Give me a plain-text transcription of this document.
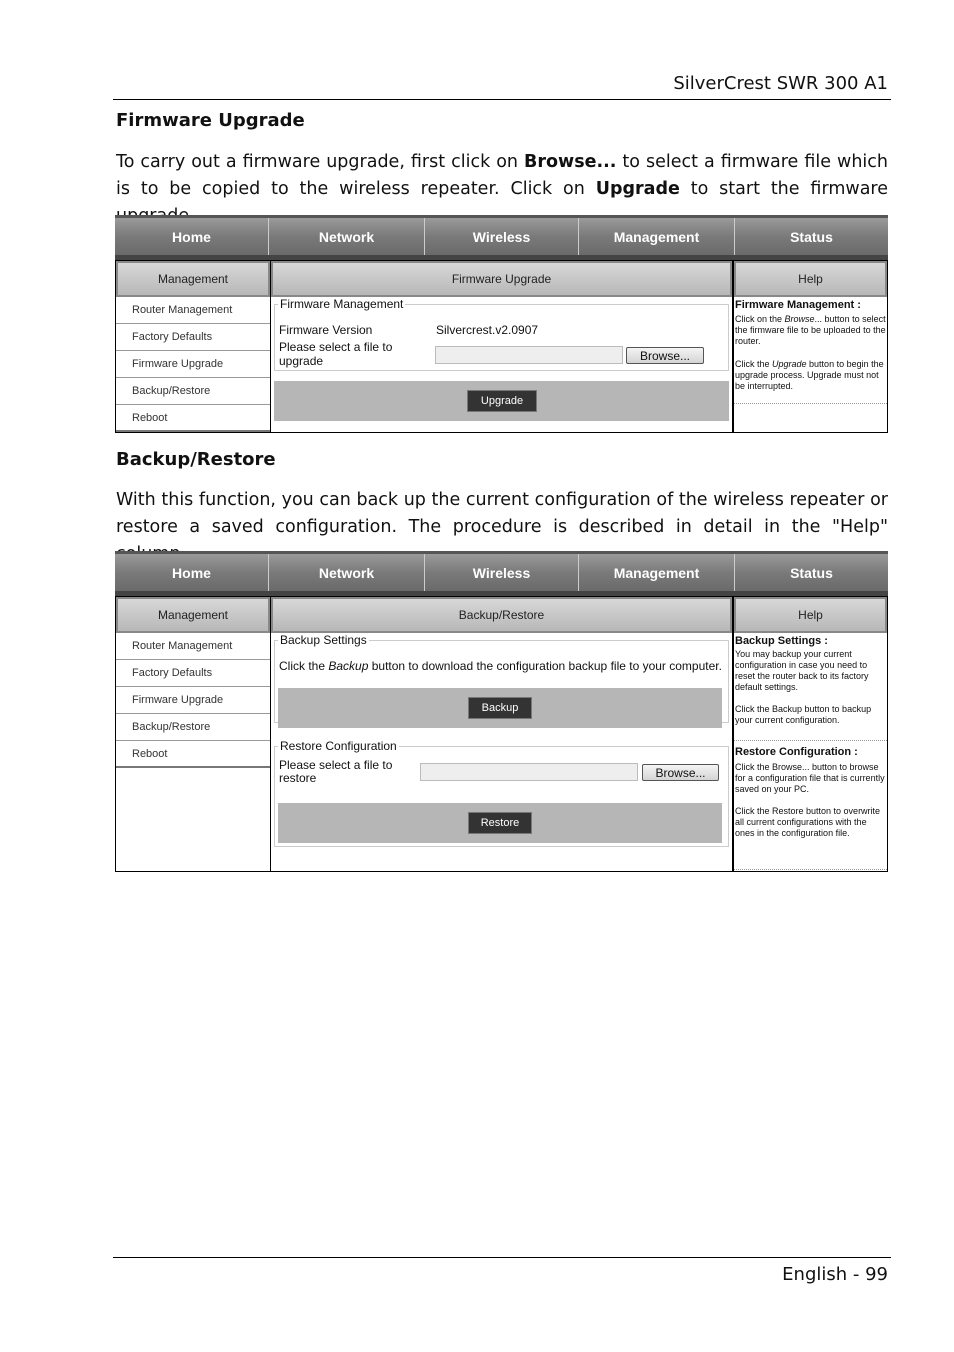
SilverCrest SWR 300 A1
Firmware Upgrade
To carry out a firmware upgrade, first click on Browse... to select a firmware file which is to be copied to the wireless repeater. Click on Upgrade to start the firmware
Home	Network	Wireless	Management	Status
Management
Router Management
Factory Defaults
Firmware Upgrade
Backup/Restore
Reboot
Firmware Upgrade
Firmware Management
Firmware Version	Silvercrest.v2.0907
Please select a file to upgrade	Browse...
Upgrade
Help
Firmware Management :
Click on the Browse... button to select the firmware file to be uploaded to the router.
Click the Upgrade button to begin the upgrade process. Upgrade must not be interrupted.
Backup/Restore
With this function, you can back up the current configuration of the wireless repeater or restore a saved configuration. The procedure is described in detail in the "Help"
Home	Network	Wireless	Management	Status
Management
Router Management
Factory Defaults
Firmware Upgrade
Backup/Restore
Reboot
Backup/Restore
Backup Settings
Click the Backup button to download the configuration backup file to your computer.
Backup
Restore Configuration
Please select a file to restore	Browse...
Restore
Help
Backup Settings :
You may backup your current configuration in case you need to reset the router back to its factory default settings.
Click the Backup button to backup your current configuration.
Restore Configuration :
Click the Browse... button to browse for a configuration file that is currently saved on your PC.
Click the Restore button to overwrite all current configurations with the ones in the configuration file.
English - 99
